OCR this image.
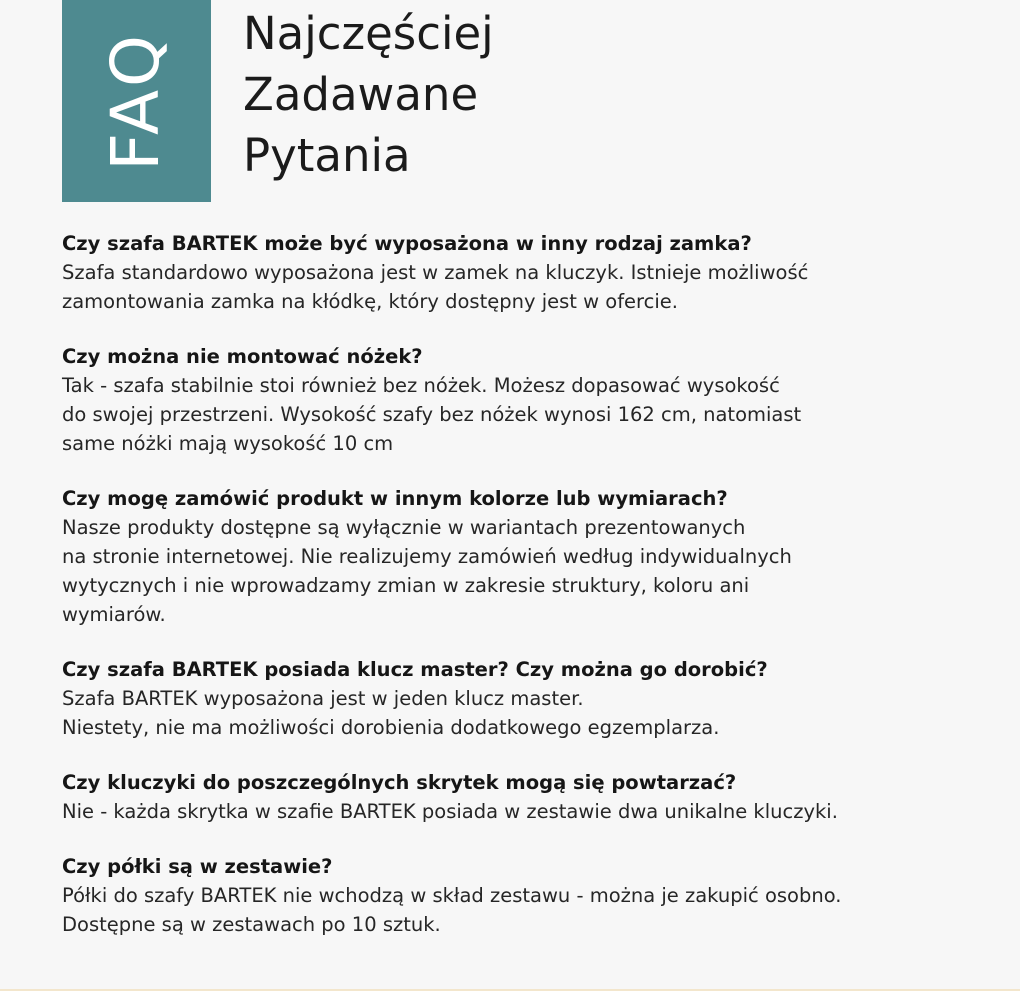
FAQ Najczęściej
Zadawane
Pytania

Czy szafa BARTEK może być wyposażona w inny rodzaj zamka?

Szafa standardowo wyposażona jest w zamek na kluczyk. Istnieje możliwość
zamontowania zamka na kłódkę, który dostępny jest w ofercie.

Czy można nie montować nóżek?

Tak - szafa stabilnie stoi również bez nóżek. Możesz dopasować wysokość
do swojej przestrzeni. Wysokość szafy bez nóżek wynosi 162 cm, natomiast
same nóżki mają wysokość 10 cm

Czy mogę zamówić produkt w innym kolorze lub wymiarach?

Nasze produkty dostępne są wyłącznie w wariantach prezentowanych
na stronie internetowej. Nie realizujemy zamówień według indywidualnych
wytycznych i nie wprowadzamy zmian w zakresie struktury, koloru ani
wymiarów.

Czy szafa BARTEK posiada klucz master? Czy można go dorobić?

Szafa BARTEK wyposażona jest w jeden klucz master.
Niestety, nie ma możliwości dorobienia dodatkowego egzemplarza.

Czy kluczyki do poszczególnych skrytek mogą się powtarzać?

Nie - każda skrytka w szafie BARTEK posiada w zestawie dwa unikalne kluczyki.

Czy półki są w zestawie?

Półki do szafy BARTEK nie wchodzą w skład zestawu - można je zakupić osobno.
Dostępne są w zestawach po 10 sztuk.
